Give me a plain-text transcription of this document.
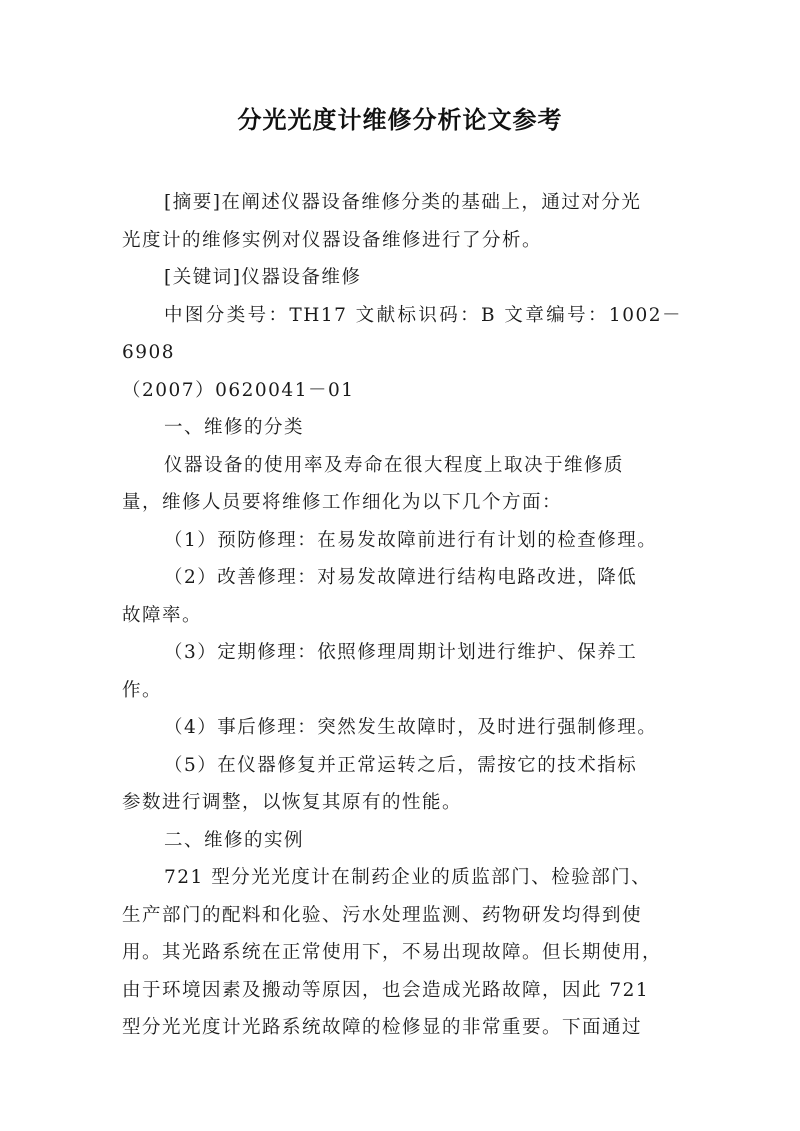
分光光度计维修分析论文参考

[摘要]在阐述仪器设备维修分类的基础上，通过对分光
光度计的维修实例对仪器设备维修进行了分析。

[关键词]仪器设备维修

中图分类号：TH17 文献标识码：B 文章编号：1002－6908
（2007）0620041－01

一、维修的分类

仪器设备的使用率及寿命在很大程度上取决于维修质
量，维修人员要将维修工作细化为以下几个方面：

（1）预防修理：在易发故障前进行有计划的检查修理。

（2）改善修理：对易发故障进行结构电路改进，降低
故障率。

（3）定期修理：依照修理周期计划进行维护、保养工
作。

（4）事后修理：突然发生故障时，及时进行强制修理。

（5）在仪器修复并正常运转之后，需按它的技术指标
参数进行调整，以恢复其原有的性能。

二、维修的实例

721 型分光光度计在制药企业的质监部门、检验部门、
生产部门的配料和化验、污水处理监测、药物研发均得到使
用。其光路系统在正常使用下，不易出现故障。但长期使用，
由于环境因素及搬动等原因，也会造成光路故障，因此 721
型分光光度计光路系统故障的检修显的非常重要。下面通过
